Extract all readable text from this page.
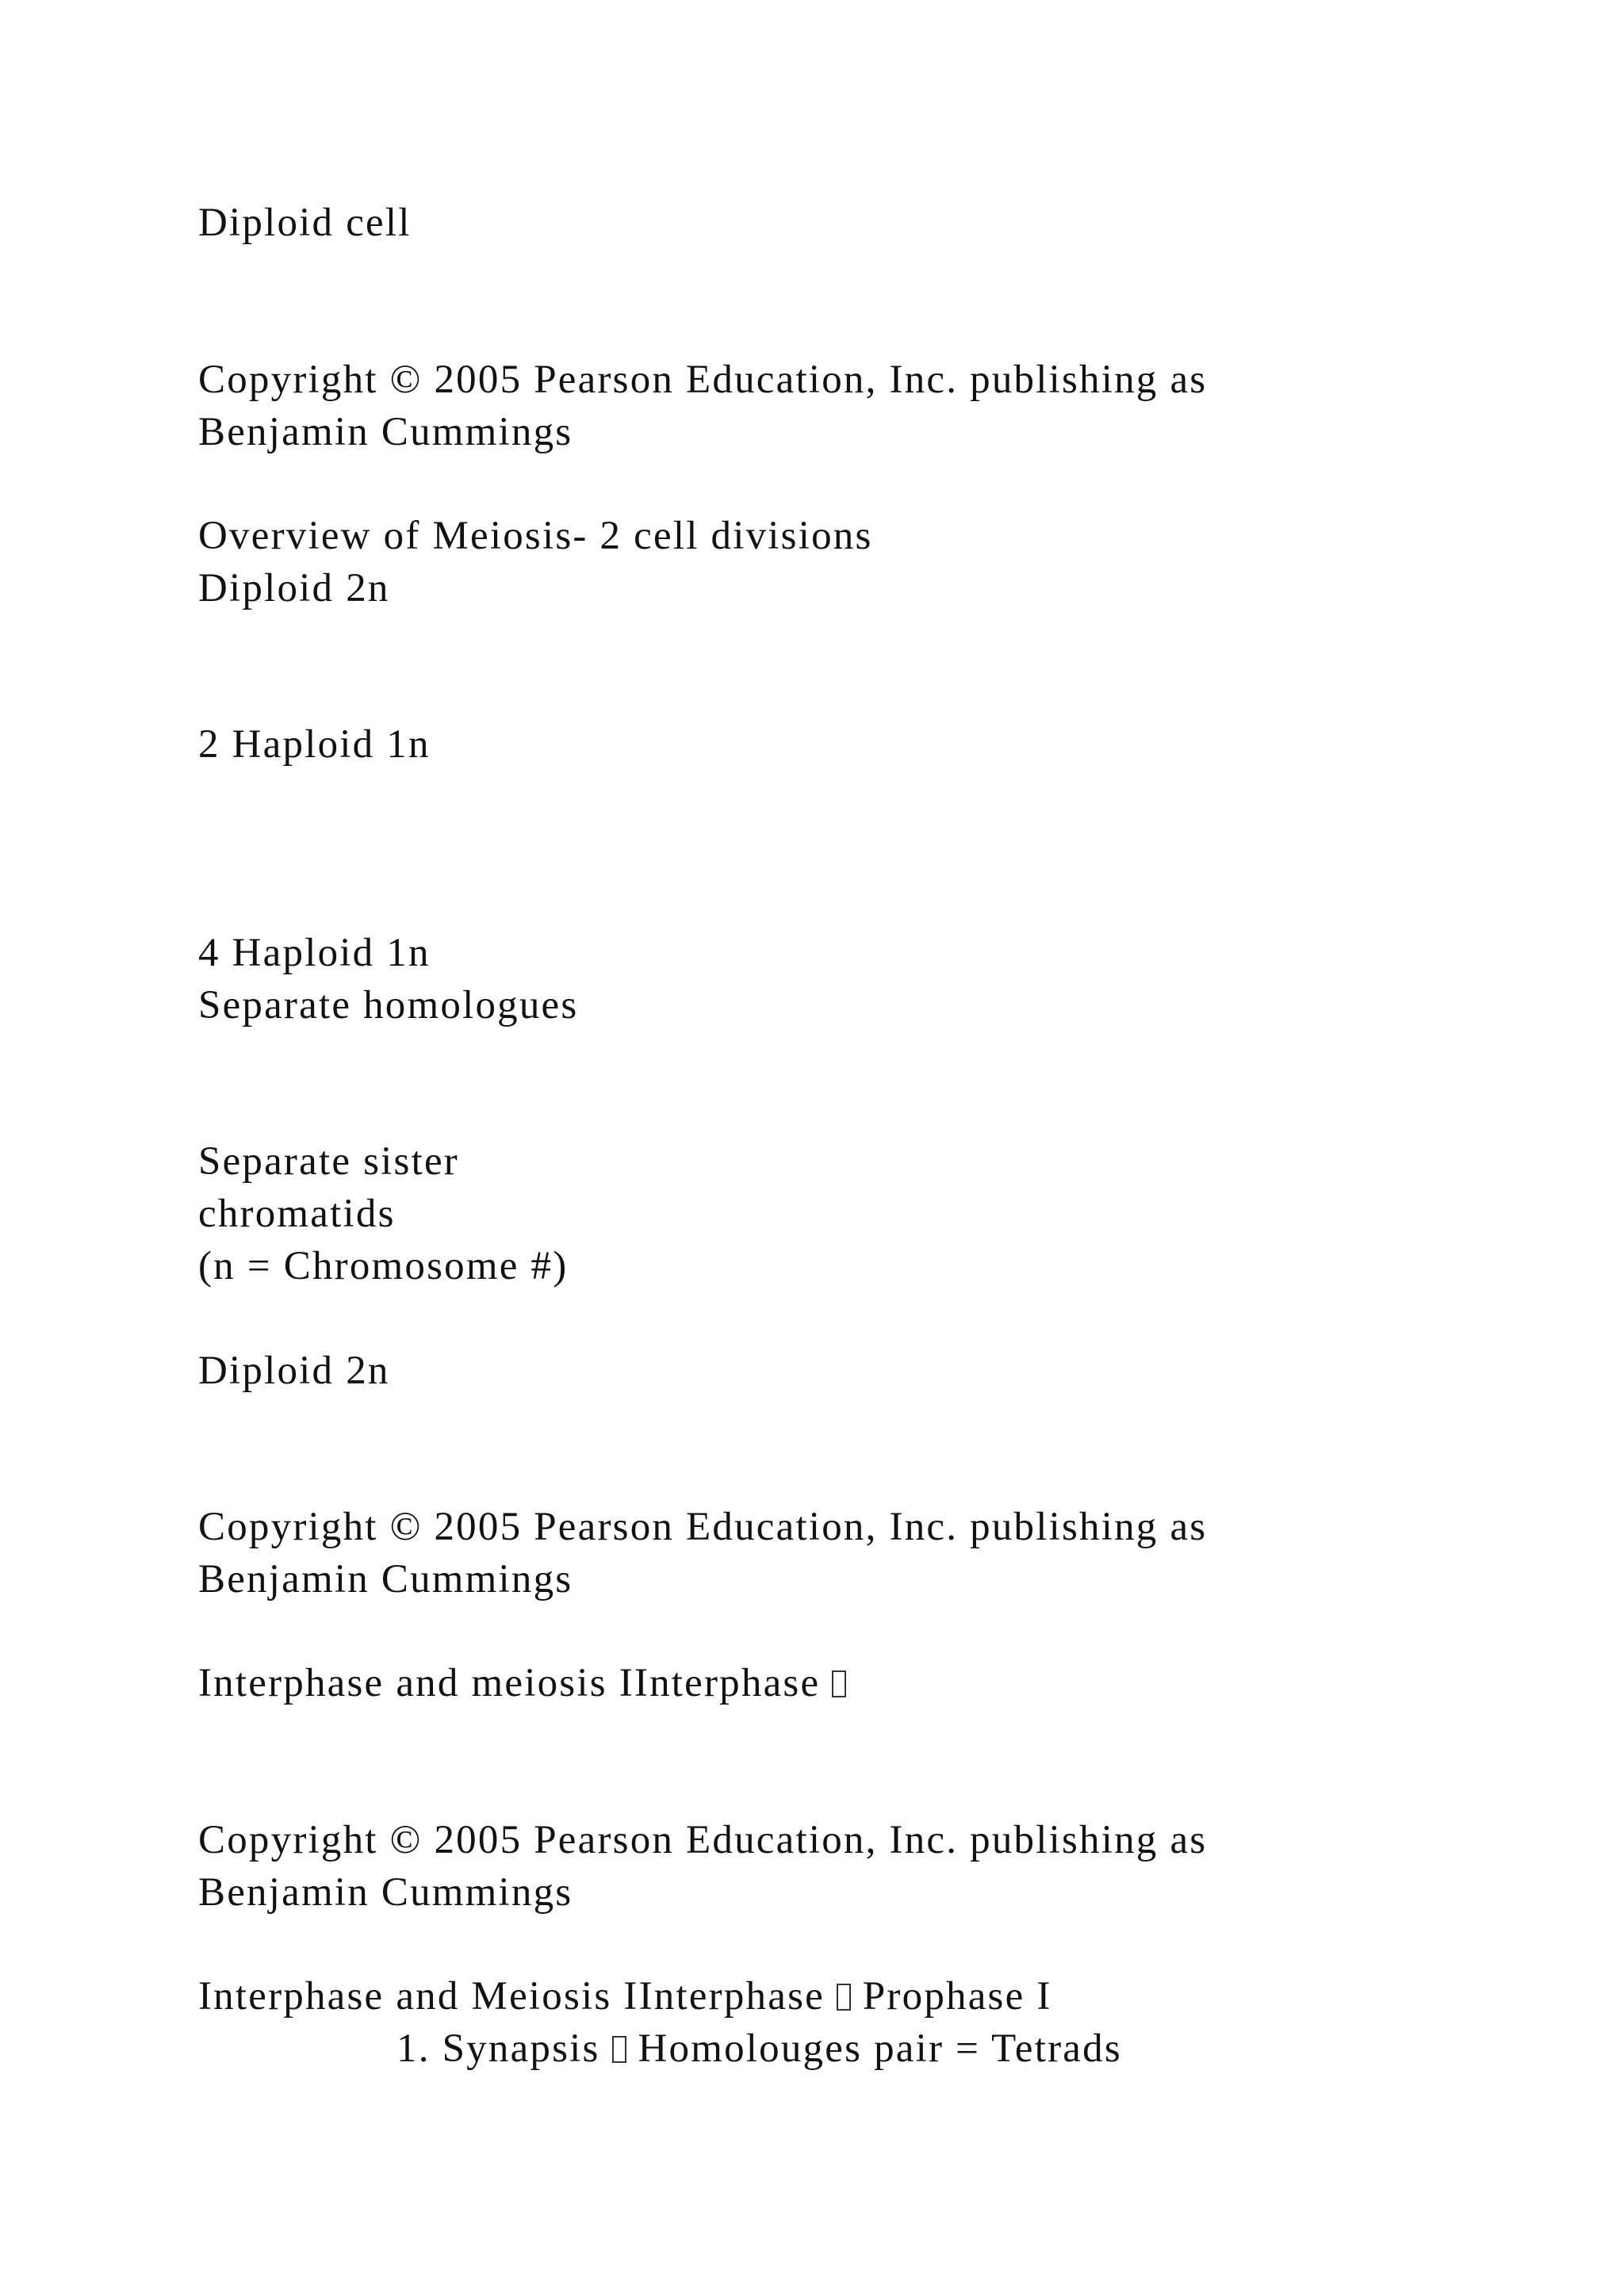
Diploid cell
Copyright © 2005 Pearson Education, Inc. publishing as
Benjamin Cummings
Overview of Meiosis- 2 cell divisions
Diploid 2n
2 Haploid 1n
4 Haploid 1n
Separate homologues
Separate sister
chromatids
(n = Chromosome #)
Diploid 2n
Copyright © 2005 Pearson Education, Inc. publishing as
Benjamin Cummings
Interphase and meiosis IInterphase
Copyright © 2005 Pearson Education, Inc. publishing as
Benjamin Cummings
Interphase and Meiosis IInterphase  Prophase I
1. Synapsis  Homolouges pair = Tetrads
